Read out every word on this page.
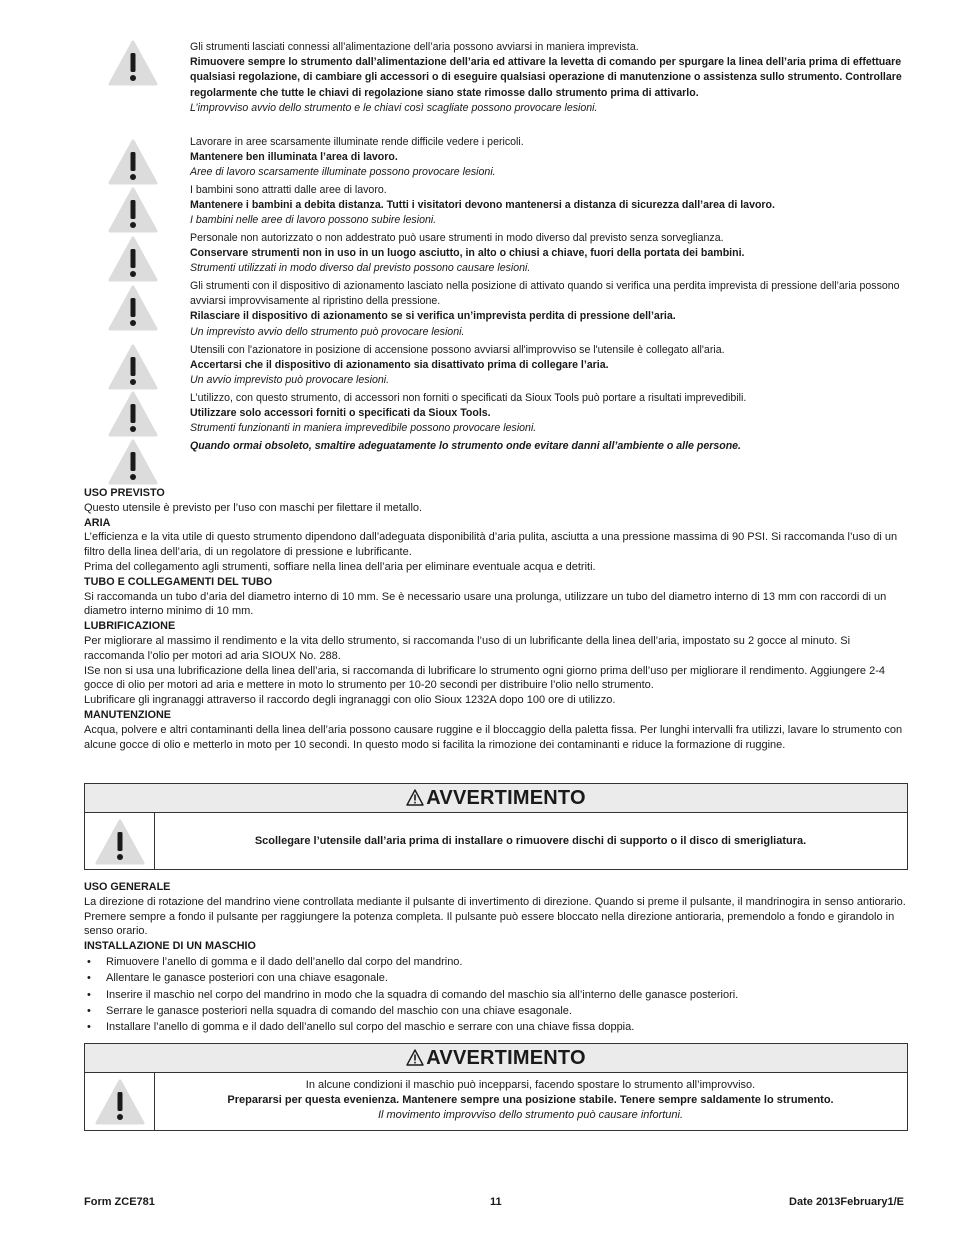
Gli strumenti lasciati connessi all’alimentazione dell’aria possono avviarsi in maniera imprevista.
Rimuovere sempre lo strumento dall’alimentazione dell’aria ed attivare la levetta di comando per spurgare la linea dell’aria prima di effettuare qualsiasi regolazione, di cambiare gli accessori o di eseguire qualsiasi operazione di manutenzione o assistenza sullo strumento. Controllare regolarmente che tutte le chiavi di regolazione siano state rimosse dallo strumento prima di attivarlo.
L’improvviso avvio dello strumento e le chiavi così scagliate possono provocare lesioni.
Lavorare in aree scarsamente illuminate rende difficile vedere i pericoli.
Mantenere ben illuminata l’area di lavoro.
Aree di lavoro scarsamente illuminate possono provocare lesioni.
I bambini sono attratti dalle aree di lavoro.
Mantenere i bambini a debita distanza. Tutti i visitatori devono mantenersi a distanza di sicurezza dall’area di lavoro.
I bambini nelle aree di lavoro possono subire lesioni.
Personale non autorizzato o non addestrato può usare strumenti in modo diverso dal previsto senza sorveglianza.
Conservare strumenti non in uso in un luogo asciutto, in alto o chiusi a chiave, fuori della portata dei bambini.
Strumenti utilizzati in modo diverso dal previsto possono causare lesioni.
Gli strumenti con il dispositivo di azionamento lasciato nella posizione di attivato quando si verifica una perdita imprevista di pressione dell’aria possono avviarsi improvvisamente al ripristino della pressione.
Rilasciare il dispositivo di azionamento se si verifica un’imprevista perdita di pressione dell’aria.
Un imprevisto avvio dello strumento può provocare lesioni.
Utensili con l'azionatore in posizione di accensione possono avviarsi all'improvviso se l'utensile è collegato all'aria.
Accertarsi che il dispositivo di azionamento sia disattivato prima di collegare l’aria.
Un avvio imprevisto può provocare lesioni.
L’utilizzo, con questo strumento, di accessori non forniti o specificati da Sioux Tools può portare a risultati imprevedibili.
Utilizzare solo accessori forniti o specificati da Sioux Tools.
Strumenti funzionanti in maniera imprevedibile possono provocare lesioni.
Quando ormai obsoleto, smaltire adeguatamente lo strumento onde evitare danni all’ambiente o alle persone.
USO PREVISTO
Questo utensile è previsto per l’uso con maschi per filettare il metallo.
ARIA
L’efficienza e la vita utile di questo strumento dipendono dall’adeguata disponibilità d’aria pulita, asciutta a una pressione massima di 90 PSI. Si raccomanda l’uso di un filtro della linea dell’aria, di un regolatore di pressione e lubrificante.
Prima del collegamento agli strumenti, soffiare nella linea dell’aria per eliminare eventuale acqua e detriti.
TUBO E COLLEGAMENTI DEL TUBO
Si raccomanda un tubo d’aria del diametro interno di 10 mm. Se è necessario usare una prolunga, utilizzare un tubo del diametro interno di 13 mm con raccordi di un diametro interno minimo di 10 mm.
LUBRIFICAZIONE
Per migliorare al massimo il rendimento e la vita dello strumento, si raccomanda l’uso di un lubrificante della linea dell’aria, impostato su 2 gocce al minuto. Si raccomanda l’olio per motori ad aria SIOUX No. 288.
ISe non si usa una lubrificazione della linea dell’aria, si raccomanda di lubrificare lo strumento ogni giorno prima dell’uso per migliorare il rendimento. Aggiungere 2-4 gocce di olio per motori ad aria e mettere in moto lo strumento per 10-20 secondi per distribuire l’olio nello strumento.
Lubrificare gli ingranaggi attraverso il raccordo degli ingranaggi con olio Sioux 1232A dopo 100 ore di utilizzo.
MANUTENZIONE
Acqua, polvere e altri contaminanti della linea dell’aria possono causare ruggine e il bloccaggio della paletta fissa. Per lunghi intervalli fra utilizzi, lavare lo strumento con alcune gocce di olio e metterlo in moto per 10 secondi. In questo modo si facilita la rimozione dei contaminanti e riduce la formazione di ruggine.
AVVERTIMENTO
Scollegare l’utensile dall’aria prima di installare o rimuovere dischi di supporto o il disco di smerigliatura.
USO GENERALE
La direzione di rotazione del mandrino viene controllata mediante il pulsante di invertimento di direzione. Quando si preme il pulsante, il mandrinogira in senso antiorario. Premere sempre a fondo il pulsante per raggiungere la potenza completa. Il pulsante può essere bloccato nella direzione antioraria, premendolo a fondo e girandolo in senso orario.
INSTALLAZIONE DI UN MASCHIO
• Rimuovere l’anello di gomma e il dado dell’anello dal corpo del mandrino.
• Allentare le ganasce posteriori con una chiave esagonale.
• Inserire il maschio nel corpo del mandrino in modo che la squadra di comando del maschio sia all’interno delle ganasce posteriori.
• Serrare le ganasce posteriori nella squadra di comando del maschio con una chiave esagonale.
• Installare l’anello di gomma e il dado dell’anello sul corpo del maschio e serrare con una chiave fissa doppia.
AVVERTIMENTO
In alcune condizioni il maschio può incepparsi, facendo spostare lo strumento all’improvviso.
Prepararsi per questa evenienza. Mantenere sempre una posizione stabile. Tenere sempre saldamente lo strumento.
Il movimento improvviso dello strumento può causare infortuni.
Form ZCE781	11	Date 2013February1/E
